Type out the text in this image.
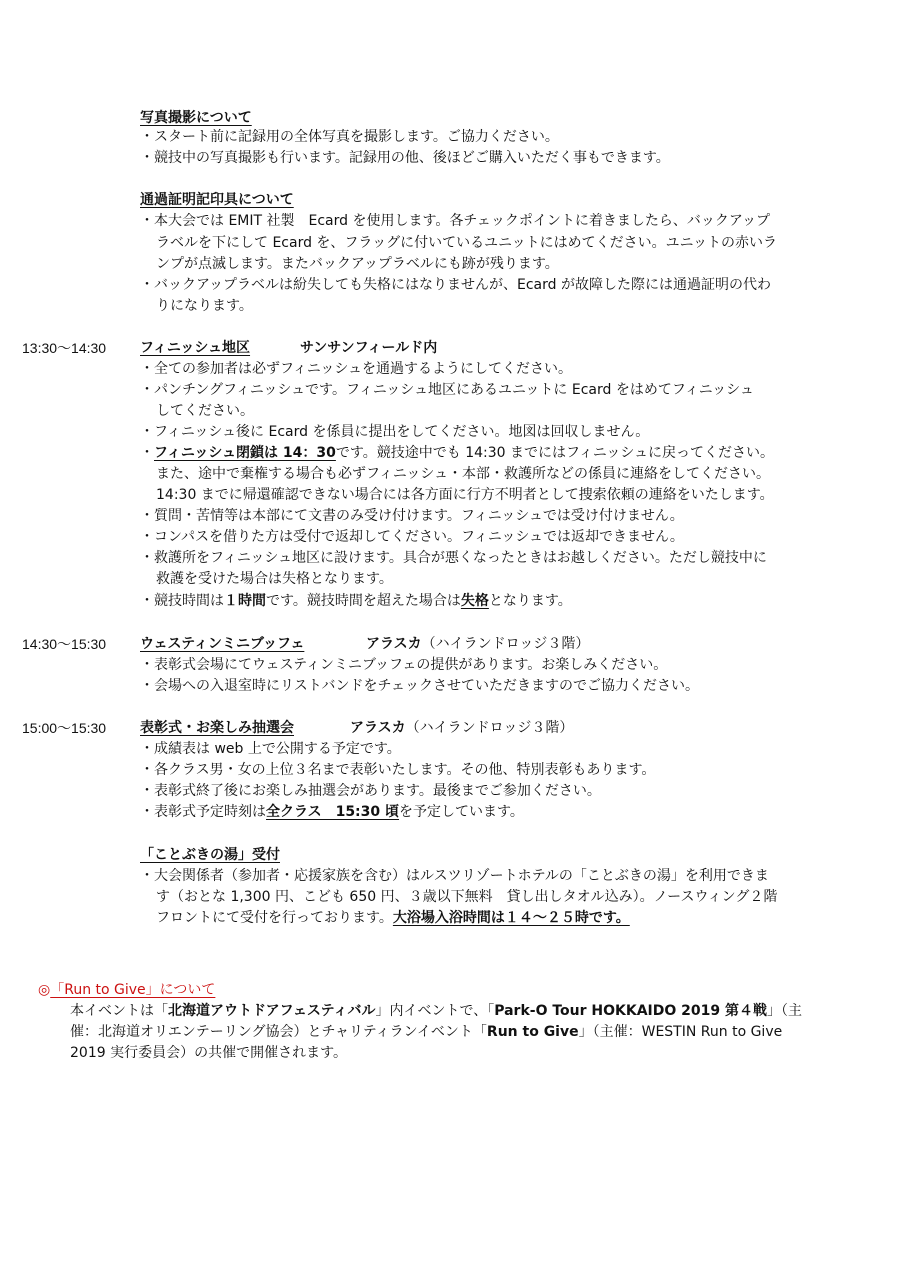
写真撮影について
・スタート前に記録用の全体写真を撮影します。ご協力ください。
・競技中の写真撮影も行います。記録用の他、後ほどご購入いただく事もできます。
通過証明記印具について
・本大会では EMIT 社製　Ecard を使用します。各チェックポイントに着きましたら、バックアップ
ラベルを下にして Ecard を、フラッグに付いているユニットにはめてください。ユニットの赤いラ
ンプが点滅します。またバックアップラベルにも跡が残ります。
・バックアップラベルは紛失しても失格にはなりませんが、Ecard が故障した際には通過証明の代わ
りになります。
13:30～14:30 フィニッシュ地区	サンサンフィールド内
・全ての参加者は必ずフィニッシュを通過するようにしてください。
・パンチングフィニッシュです。フィニッシュ地区にあるユニットに Ecard をはめてフィニッシュ
してください。
・フィニッシュ後に Ecard を係員に提出をしてください。地図は回収しません。
・フィニッシュ閉鎖は 14：30です。競技途中でも 14:30 までにはフィニッシュに戻ってください。
また、途中で棄権する場合も必ずフィニッシュ・本部・救護所などの係員に連絡をしてください。
14:30 までに帰還確認できない場合には各方面に行方不明者として捜索依頼の連絡をいたします。
・質問・苦情等は本部にて文書のみ受け付けます。フィニッシュでは受け付けません。
・コンパスを借りた方は受付で返却してください。フィニッシュでは返却できません。
・救護所をフィニッシュ地区に設けます。具合が悪くなったときはお越しください。ただし競技中に
救護を受けた場合は失格となります。
・競技時間は１時間です。競技時間を超えた場合は失格となります。
14:30～15:30 ウェスティンミニブッフェ	アラスカ（ハイランドロッジ３階）
・表彰式会場にてウェスティンミニブッフェの提供があります。お楽しみください。
・会場への入退室時にリストバンドをチェックさせていただきますのでご協力ください。
15:00～15:30 表彰式・お楽しみ抽選会	アラスカ（ハイランドロッジ３階）
・成績表は web 上で公開する予定です。
・各クラス男・女の上位３名まで表彰いたします。その他、特別表彰もあります。
・表彰式終了後にお楽しみ抽選会があります。最後までご参加ください。
・表彰式予定時刻は全クラス　15:30 頃を予定しています。
「ことぶきの湯」受付
・大会関係者（参加者・応援家族を含む）はルスツリゾートホテルの「ことぶきの湯」を利用できま
す（おとな 1,300 円、こども 650 円、３歳以下無料　貸し出しタオル込み）。ノースウィング２階
フロントにて受付を行っております。大浴場入浴時間は１４～２５時です。
◎「Run to Give」について
本イベントは「北海道アウトドアフェスティバル」内イベントで、「Park-O Tour HOKKAIDO 2019 第４戦」（主
催：北海道オリエンテーリング協会）とチャリティランイベント「Run to Give」（主催：WESTIN Run to Give
2019 実行委員会）の共催で開催されます。
